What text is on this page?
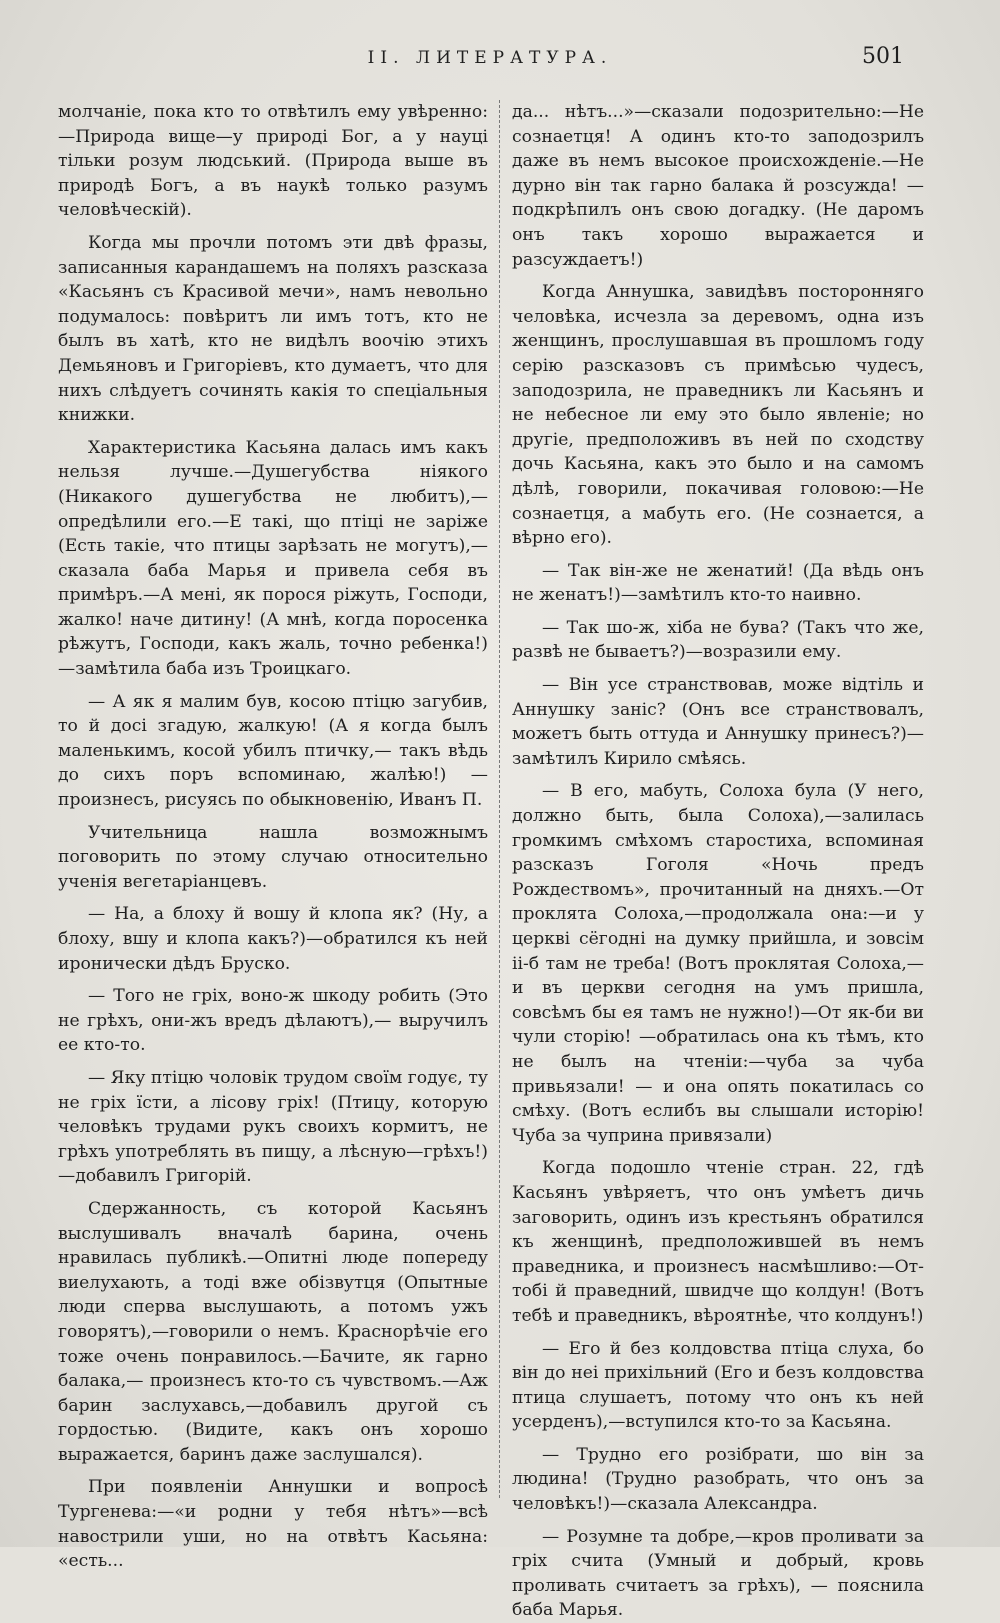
II. ЛИТЕРАТУРА.	501

молчаніе, пока кто то отвѣтилъ ему увѣренно:—Природа вище—у природі Бог, а у науці тільки розум людський. (Природа выше въ природѣ Богъ, а въ наукѣ только разумъ человѣческій).

Когда мы прочли потомъ эти двѣ фразы, записанныя карандашемъ на поляхъ разсказа «Касьянъ съ Красивой мечи», намъ невольно подумалось: повѣритъ ли имъ тотъ, кто не былъ въ хатѣ, кто не видѣлъ воочію этихъ Демьяновъ и Григоріевъ, кто думаетъ, что для нихъ слѣдуетъ сочинять какія то спеціальныя книжки.

Характеристика Касьяна далась имъ какъ нельзя лучше.—Душегубства нiякого (Никакого душегубства не любитъ),—опредѣлили его.—Е такі, що птіці не заріже (Есть такіе, что птицы зарѣзать не могутъ),—сказала баба Марья и привела себя въ примѣръ.—А мені, як порося ріжуть, Господи, жалко! наче дитину! (А мнѣ, когда поросенка рѣжутъ, Господи, какъ жаль, точно ребенка!)—замѣтила баба изъ Троицкаго.

— А як я малим був, косою птіцю загубив, то й досі згадую, жалкую! (А я когда былъ маленькимъ, косой убилъ птичку,— такъ вѣдь до сихъ поръ вспоминаю, жалѣю!) — произнесъ, рисуясь по обыкновенію, Иванъ П.

Учительница нашла возможнымъ поговорить по этому случаю относительно ученія вегетаріанцевъ.

— На, а блоху й вошу й клопа як? (Ну, а блоху, вшу и клопа какъ?)—обратился къ ней иронически дѣдъ Бруско.

— Того не гріх, воно-ж шкоду робить (Это не грѣхъ, они-жъ вредъ дѣлаютъ),— выручилъ ее кто-то.

— Яку птіцю чоловік трудом своїм годує, ту не гріх їсти, а лісову гріх! (Птицу, которую человѣкъ трудами рукъ своихъ кормитъ, не грѣхъ употреблять въ пищу, а лѣсную—грѣхъ!)—добавилъ Григорій.

Сдержанность, съ которой Касьянъ выслушивалъ вначалѣ барина, очень нравилась публикѣ.—Опитні люде попереду виелухають, а тоді вже обізвутця (Опытные люди сперва выслушають, а потомъ ужъ говорятъ),—говорили о немъ. Краснорѣчіе его тоже очень понравилось.—Бачите, як гарно балака,— произнесъ кто-то съ чувствомъ.—Аж барин заслухавсь,—добавилъ другой съ гордостью. (Видите, какъ онъ хорошо выражается, баринъ даже заслушался).

При появленіи Аннушки и вопросѣ Тургенева:—«и родни у тебя нѣтъ»—всѣ навострили уши, но на отвѣтъ Касьяна: «есть...

да... нѣтъ...»—сказали подозрительно:—Не сознаетця! А одинъ кто-то заподозрилъ даже въ немъ высокое происхожденіе.—Не дурно він так гарно балака й розсужда! — подкрѣпилъ онъ свою догадку. (Не даромъ онъ такъ хорошо выражается и разсуждаетъ!)

Когда Аннушка, завидѣвъ посторонняго человѣка, исчезла за деревомъ, одна изъ женщинъ, прослушавшая въ прошломъ году серію разсказовъ съ примѣсью чудесъ, заподозрила, не праведникъ ли Касьянъ и не небесное ли ему это было явленіе; но другіе, предположивъ въ ней по сходству дочь Касьяна, какъ это было и на самомъ дѣлѣ, говорили, покачивая головою:—Не сознаетця, а мабуть его. (Не сознается, а вѣрно его).

— Так він-же не женатий! (Да вѣдь онъ не женатъ!)—замѣтилъ кто-то наивно.

— Так шо-ж, хіба не бува? (Такъ что же, развѣ не бываетъ?)—возразили ему.

— Він усе странствовав, може відтіль и Аннушку заніс? (Онъ все странствовалъ, можетъ быть оттуда и Аннушку принесъ?)— замѣтилъ Кирило смѣясь.

— В его, мабуть, Солоха була (У него, должно быть, была Солоха),—залилась громкимъ смѣхомъ старостиха, вспоминая разсказъ Гоголя «Ночь предъ Рождествомъ», прочитанный на дняхъ.—От проклята Солоха,—продолжала она:—и у церкві сёгодні на думку прийшла, и зовсім ii-б там не треба! (Вотъ проклятая Солоха,—и въ церкви сегодня на умъ пришла, совсѣмъ бы ея тамъ не нужно!)—От як-би ви чули сторію! —обратилась она къ тѣмъ, кто не былъ на чтеніи:—чуба за чуба привьязали! — и она опять покатилась со смѣху. (Вотъ еслибъ вы слышали исторію! Чуба за чуприна привязали)

Когда подошло чтеніе стран. 22, гдѣ Касьянъ увѣряетъ, что онъ умѣетъ дичь заговорить, одинъ изъ крестьянъ обратился къ женщинѣ, предположившей въ немъ праведника, и произнесъ насмѣшливо:—От-тобі й праведний, швидче що колдун! (Вотъ тебѣ и праведникъ, вѣроятнѣе, что колдунъ!)

— Его й без колдовства птіца слуха, бо він до неі прихільний (Его и безъ колдовства птица слушаетъ, потому что онъ къ ней усерденъ),—вступился кто-то за Касьяна.

— Трудно его розібрати, шо він за людина! (Трудно разобрать, что онъ за человѣкъ!)—сказала Александра.

— Розумне та добре,—кров проливати за гріх счита (Умный и добрый, кровь проливать считаетъ за грѣхъ), — пояснила баба Марья.
